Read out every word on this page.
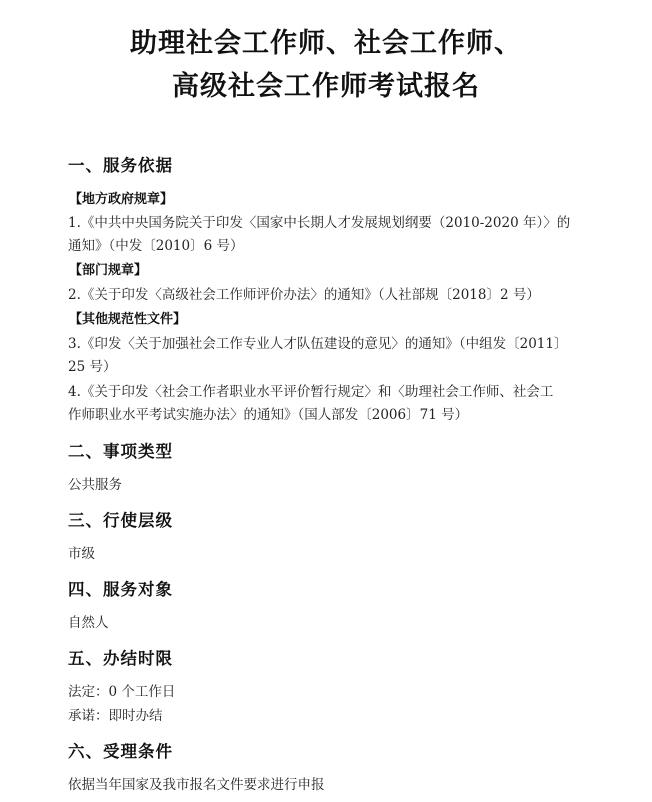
助理社会工作师、社会工作师、
高级社会工作师考试报名
一、服务依据
【地方政府规章】
1.《中共中央国务院关于印发〈国家中长期人才发展规划纲要（2010-2020 年）〉的
通知》（中发〔2010〕6 号）
【部门规章】
2.《关于印发〈高级社会工作师评价办法〉的通知》（人社部规〔2018〕2 号）
【其他规范性文件】
3.《印发〈关于加强社会工作专业人才队伍建设的意见〉的通知》（中组发〔2011〕
25 号）
4.《关于印发〈社会工作者职业水平评价暂行规定〉和〈助理社会工作师、社会工
作师职业水平考试实施办法〉的通知》（国人部发〔2006〕71 号）
二、事项类型
公共服务
三、行使层级
市级
四、服务对象
自然人
五、办结时限
法定：0 个工作日
承诺：即时办结
六、受理条件
依据当年国家及我市报名文件要求进行申报
